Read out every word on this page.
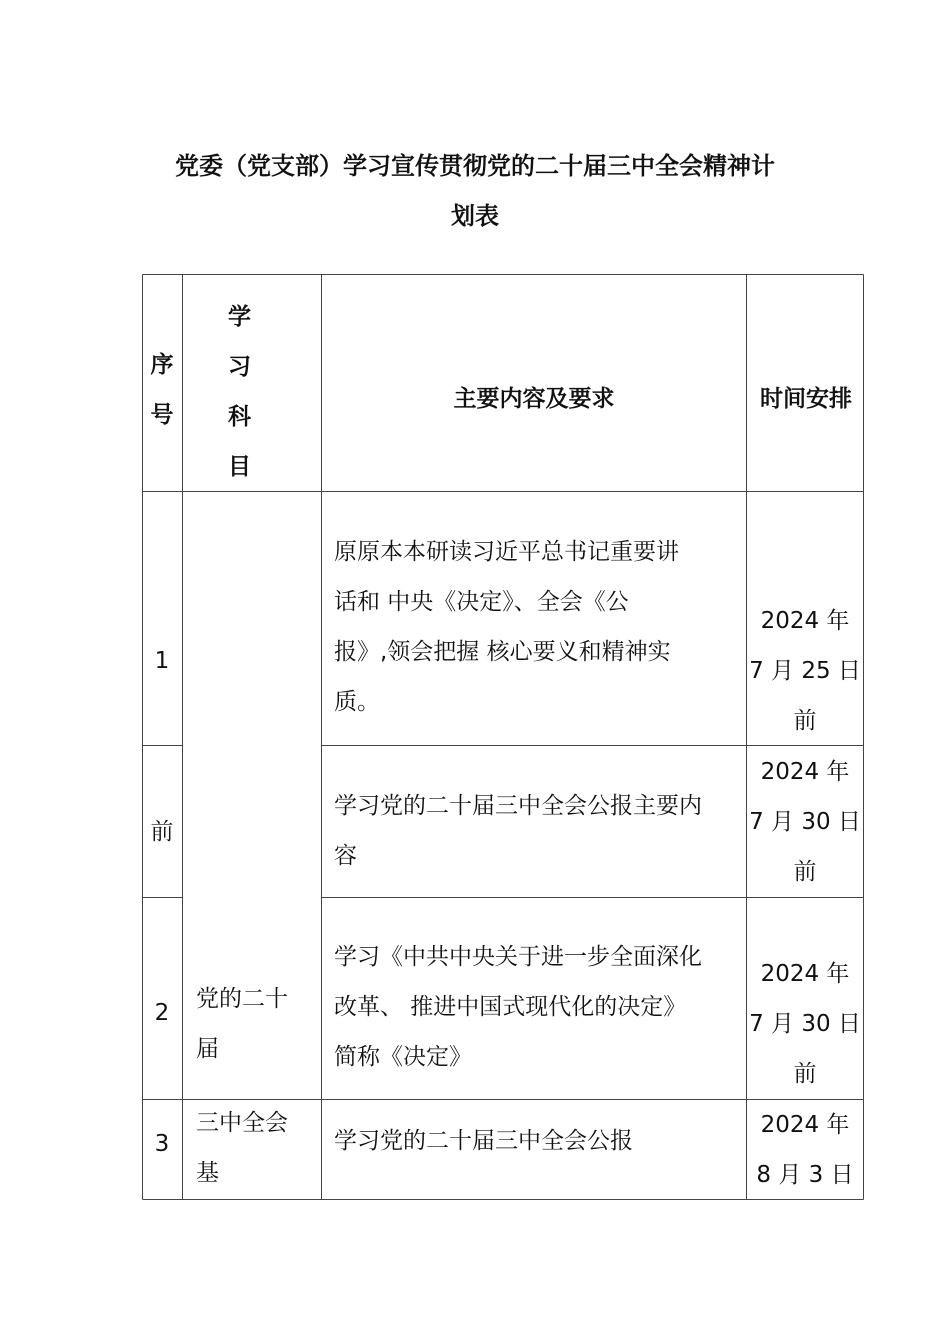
党委（党支部）学习宣传贯彻党的二十届三中全会精神计
划表
序
号
学
习
科
目
主要内容及要求	时间安排
1
原原本本研读习近平总书记重要讲
话和 中央《决定》、全会《公
报》,领会把握 核心要义和精神实
质。
2024 年
7 月 25 日
前
前
学习党的二十届三中全会公报主要内
容
2024 年
7 月 30 日
前
2
学习《中共中央关于进一步全面深化
改革、 推进中国式现代化的决定》
简称《决定》
2024 年
7 月 30 日
前
3	学习党的二十届三中全会公报
2024 年
8 月 3 日
党的二十
届
三中全会
基
